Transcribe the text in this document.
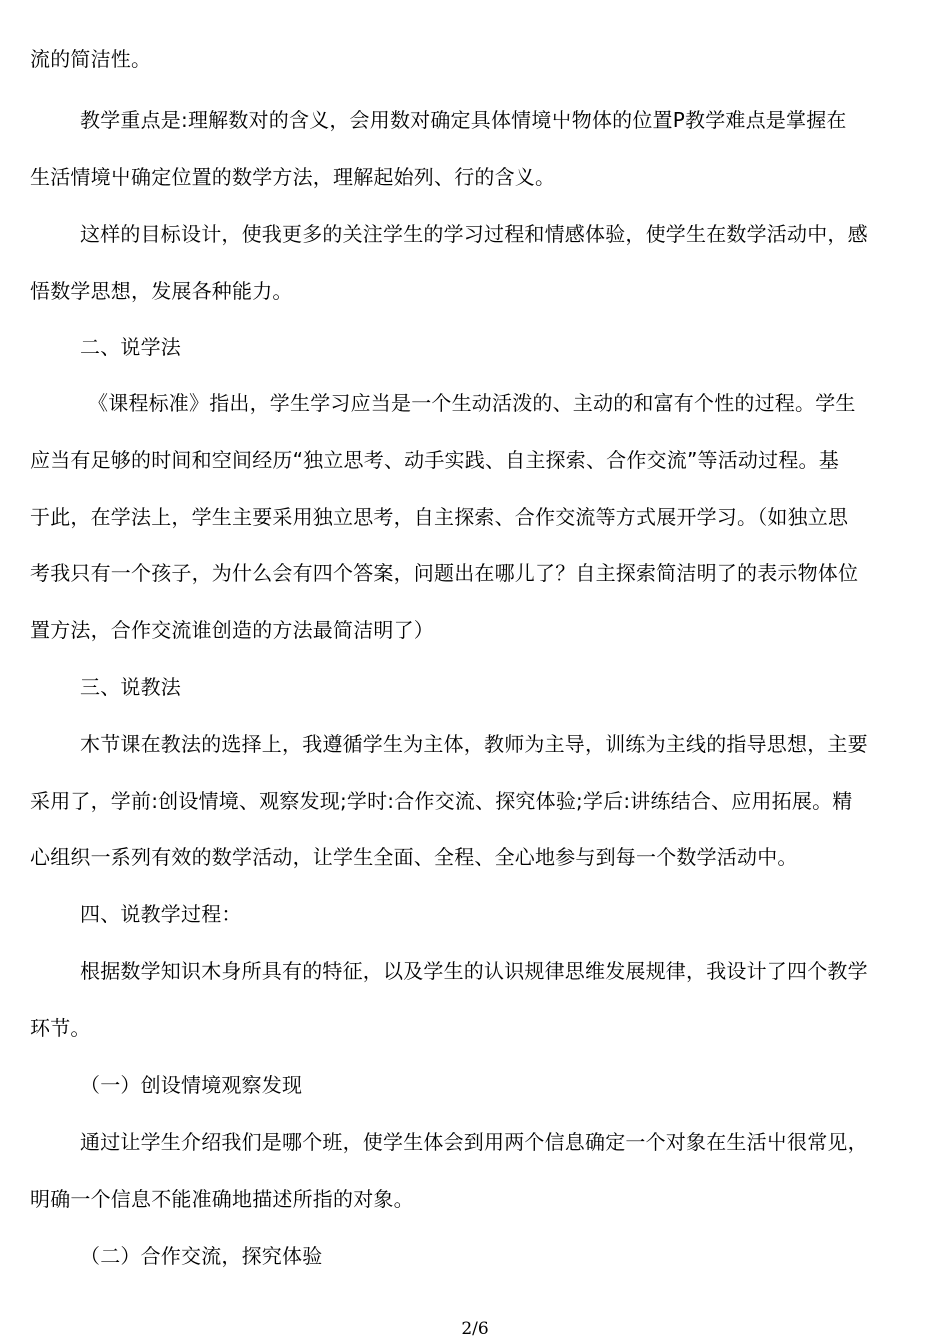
流的简洁性。
教学重点是:理解数对的含义，会用数对确定具体情境屮物体的位置P教学难点是掌握在
生活情境屮确定位置的数学方法，理解起始列、行的含义。
这样的目标设计，使我更多的关注学生的学习过程和情感体验，使学生在数学活动中，感
悟数学思想，发展各种能力。
二、说学法
《课程标准》指出，学生学习应当是一个生动活泼的、主动的和富有个性的过程。学生
应当有足够的时间和空间经历“独立思考、动手实践、自主探索、合作交流”等活动过程。基
于此，在学法上，学生主要采用独立思考，自主探索、合作交流等方式展开学习。（如独立思
考我只有一个孩子，为什么会有四个答案，问题出在哪儿了？自主探索简洁明了的表示物体位
置方法，合作交流谁创造的方法最简洁明了）
三、说教法
木节课在教法的选择上，我遵循学生为主体，教师为主导，训练为主线的指导思想，主要
采用了，学前:创设情境、观察发现;学时:合作交流、探究体验;学后:讲练结合、应用拓展。精
心组织一系列有效的数学活动，让学生全面、全程、全心地参与到每一个数学活动中。
四、说教学过程：
根据数学知识木身所具有的特征，以及学生的认识规律思维发展规律，我设计了四个教学
环节。
（一）创设情境观察发现
通过让学生介绍我们是哪个班，使学生体会到用两个信息确定一个对象在生活屮很常见，
明确一个信息不能准确地描述所指的对象。
（二）合作交流，探究体验
2/6
